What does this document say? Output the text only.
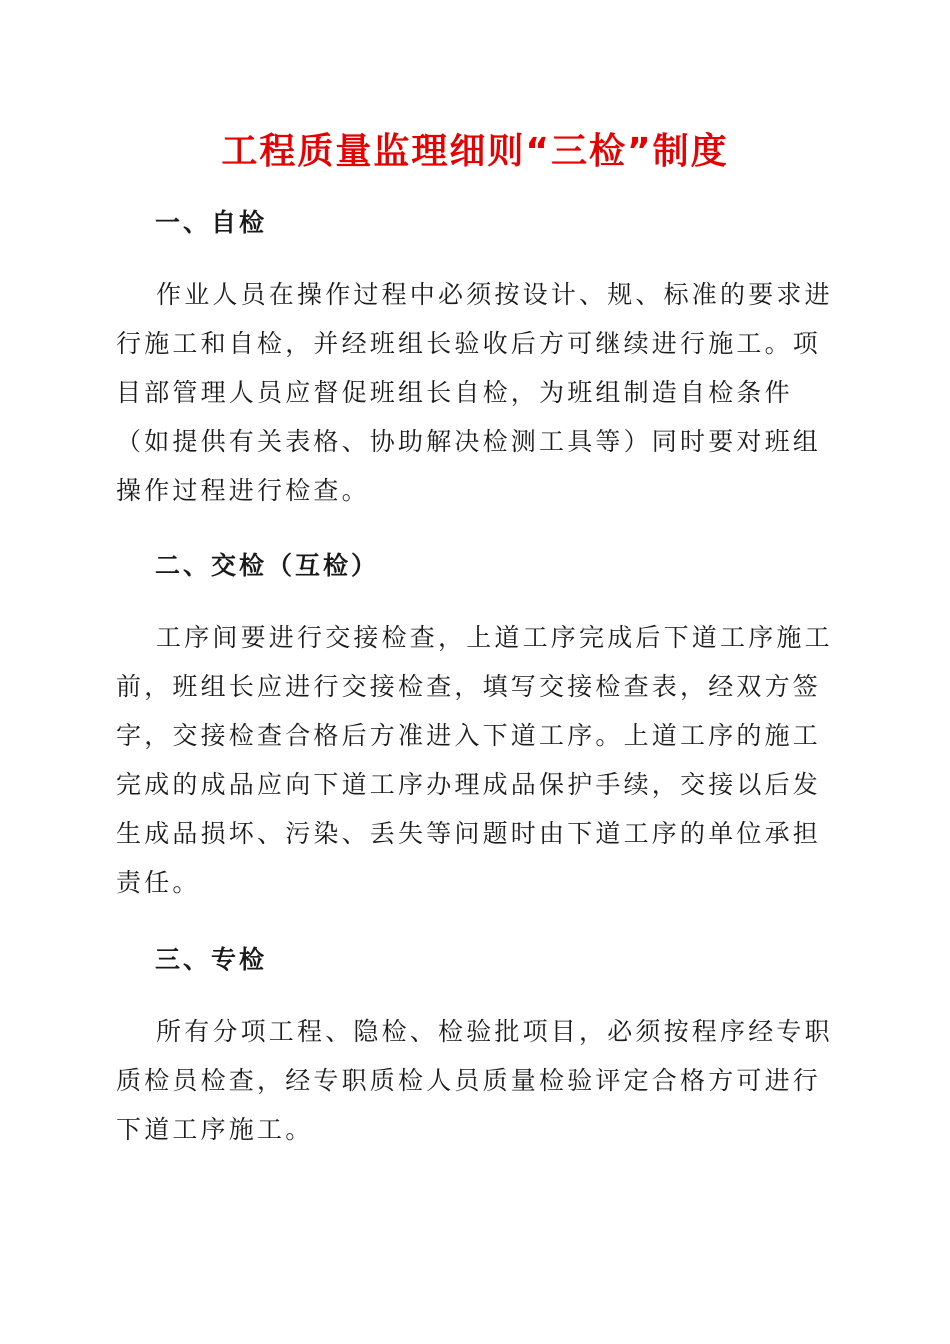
工程质量监理细则“三检”制度
一、自检

作业人员在操作过程中必须按设计、规、标准的要求进行施工和自检，并经班组长验收后方可继续进行施工。项目部管理人员应督促班组长自检，为班组制造自检条件（如提供有关表格、协助解决检测工具等）同时要对班组操作过程进行检查。

二、交检（互检）

工序间要进行交接检查，上道工序完成后下道工序施工前，班组长应进行交接检查，填写交接检查表，经双方签字，交接检查合格后方准进入下道工序。上道工序的施工完成的成品应向下道工序办理成品保护手续，交接以后发生成品损坏、污染、丢失等问题时由下道工序的单位承担责任。

三、专检

所有分项工程、隐检、检验批项目，必须按程序经专职质检员检查，经专职质检人员质量检验评定合格方可进行下道工序施工。
